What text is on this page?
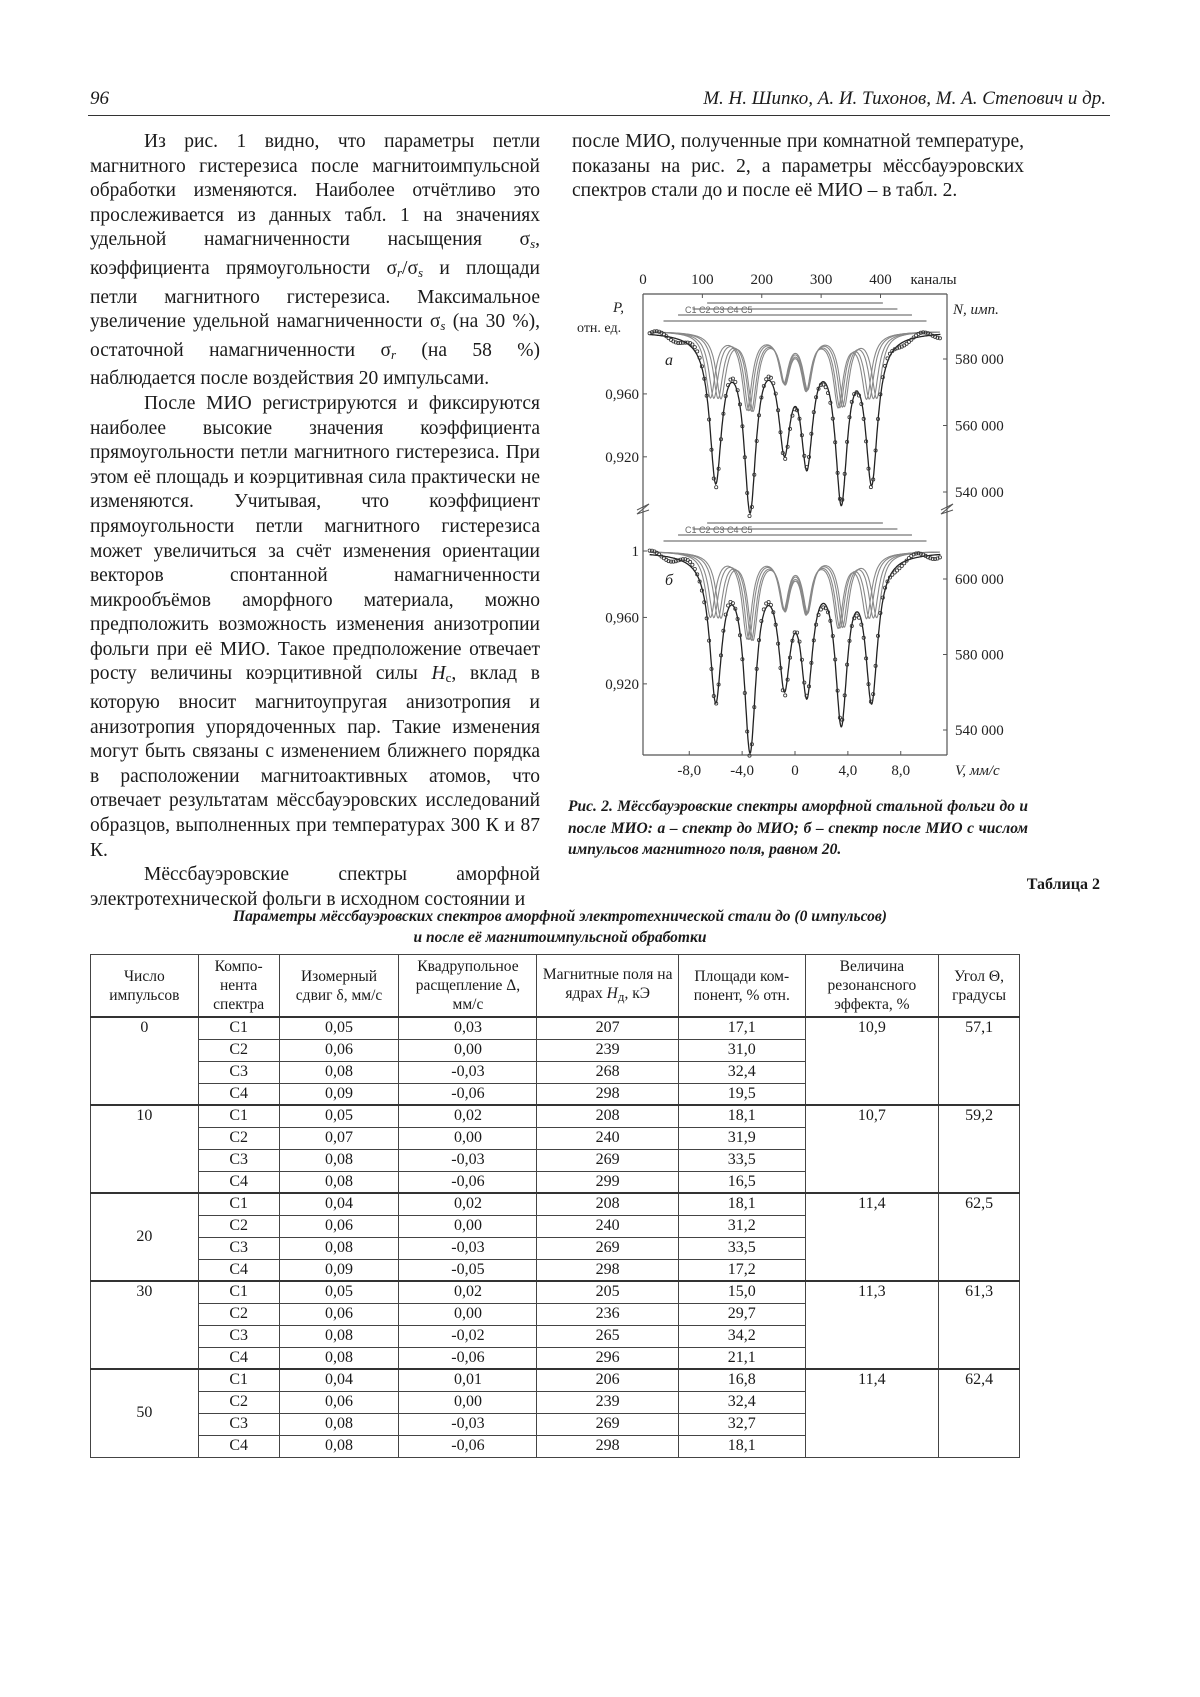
96	М. Н. Шипко, А. И. Тихонов, М. А. Степович и др.

Из рис. 1 видно, что параметры петли магнитного гистерезиса после магнитоимпульсной обработки изменяются. Наиболее отчётливо это прослеживается из данных табл. 1 на значениях удельной намагниченности насыщения $\sigma_s$, коэффициента прямоугольности $\sigma_r/\sigma_s$ и площади петли магнитного гистерезиса. Максимальное увеличение удельной намагниченности $\sigma_s$ (на 30 %), остаточной намагниченности $\sigma_r$ (на 58 %) наблюдается после воздействия 20 импульсами.

После МИО регистрируются и фиксируются наиболее высокие значения коэффициента прямоугольности петли магнитного гистерезиса. При этом её площадь и коэрцитивная сила практически не изменяются. Учитывая, что коэффициент прямоугольности петли магнитного гистерезиса может увеличиться за счёт изменения ориентации векторов спонтанной намагниченности микрообъёмов аморфного материала, можно предположить возможность изменения анизотропии фольги при её МИО. Такое предположение отвечает росту величины коэрцитивной силы $H_c$, вклад в которую вносит магнитоупругая анизотропия и анизотропия упорядоченных пар. Такие изменения могут быть связаны с изменением ближнего порядка в расположении магнитоактивных атомов, что отвечает результатам мёссбауэровских исследований образцов, выполненных при температурах 300 К и 87 К.

Мёссбауэровские спектры аморфной электротехнической фольги в исходном состоянии и

после МИО, полученные при комнатной температуре, показаны на рис. 2, а параметры мёссбауэровских спектров стали до и после её МИО – в табл. 2.

0	100 200 300 400 каналы
-8,0 -4,0 0	4,0 8,0	V, мм/с
P,
отн. ед.
N, имп.
0,960
0,920
580 000
560 000
540 000
а
C1 C2 C3 C4 C5
1
0,960
0,920
600 000
580 000
540 000
б
C1 C2 C3 C4 C5
Рис. 2. Мёссбауэровские спектры аморфной стальной фольги до и после МИО: а – спектр до МИО; б – спектр после МИО с числом импульсов магнитного поля, равном 20.
Таблица 2
Параметры мёссбауэровских спектров аморфной электротехнической стали до (0 импульсов)
и после её магнитоимпульсной обработки
Число импульсов	Компо-нента спектра	Изомерный сдвиг δ, мм/с	Квадрупольное расщепление Δ, мм/с	Магнитные поля на ядрах $H_д$, кЭ	Площади ком-понент, % отн.	Величина резонансного эффекта, %	Угол Θ, градусы
0	C1	0,05	0,03	207	17,1	10,9	57,1
	C2	0,06	0,00	239	31,0		
	C3	0,08	-0,03	268	32,4		
	C4	0,09	-0,06	298	19,5		
10	C1	0,05	0,02	208	18,1	10,7	59,2
	C2	0,07	0,00	240	31,9		
	C3	0,08	-0,03	269	33,5		
	C4	0,08	-0,06	299	16,5		
20	C1	0,04	0,02	208	18,1	11,4	62,5
	C2	0,06	0,00	240	31,2		
	C3	0,08	-0,03	269	33,5		
	C4	0,09	-0,05	298	17,2		
30	C1	0,05	0,02	205	15,0	11,3	61,3
	C2	0,06	0,00	236	29,7		
	C3	0,08	-0,02	265	34,2		
	C4	0,08	-0,06	296	21,1		
50	C1	0,04	0,01	206	16,8	11,4	62,4
	C2	0,06	0,00	239	32,4		
	C3	0,08	-0,03	269	32,7		
	C4	0,08	-0,06	298	18,1		
